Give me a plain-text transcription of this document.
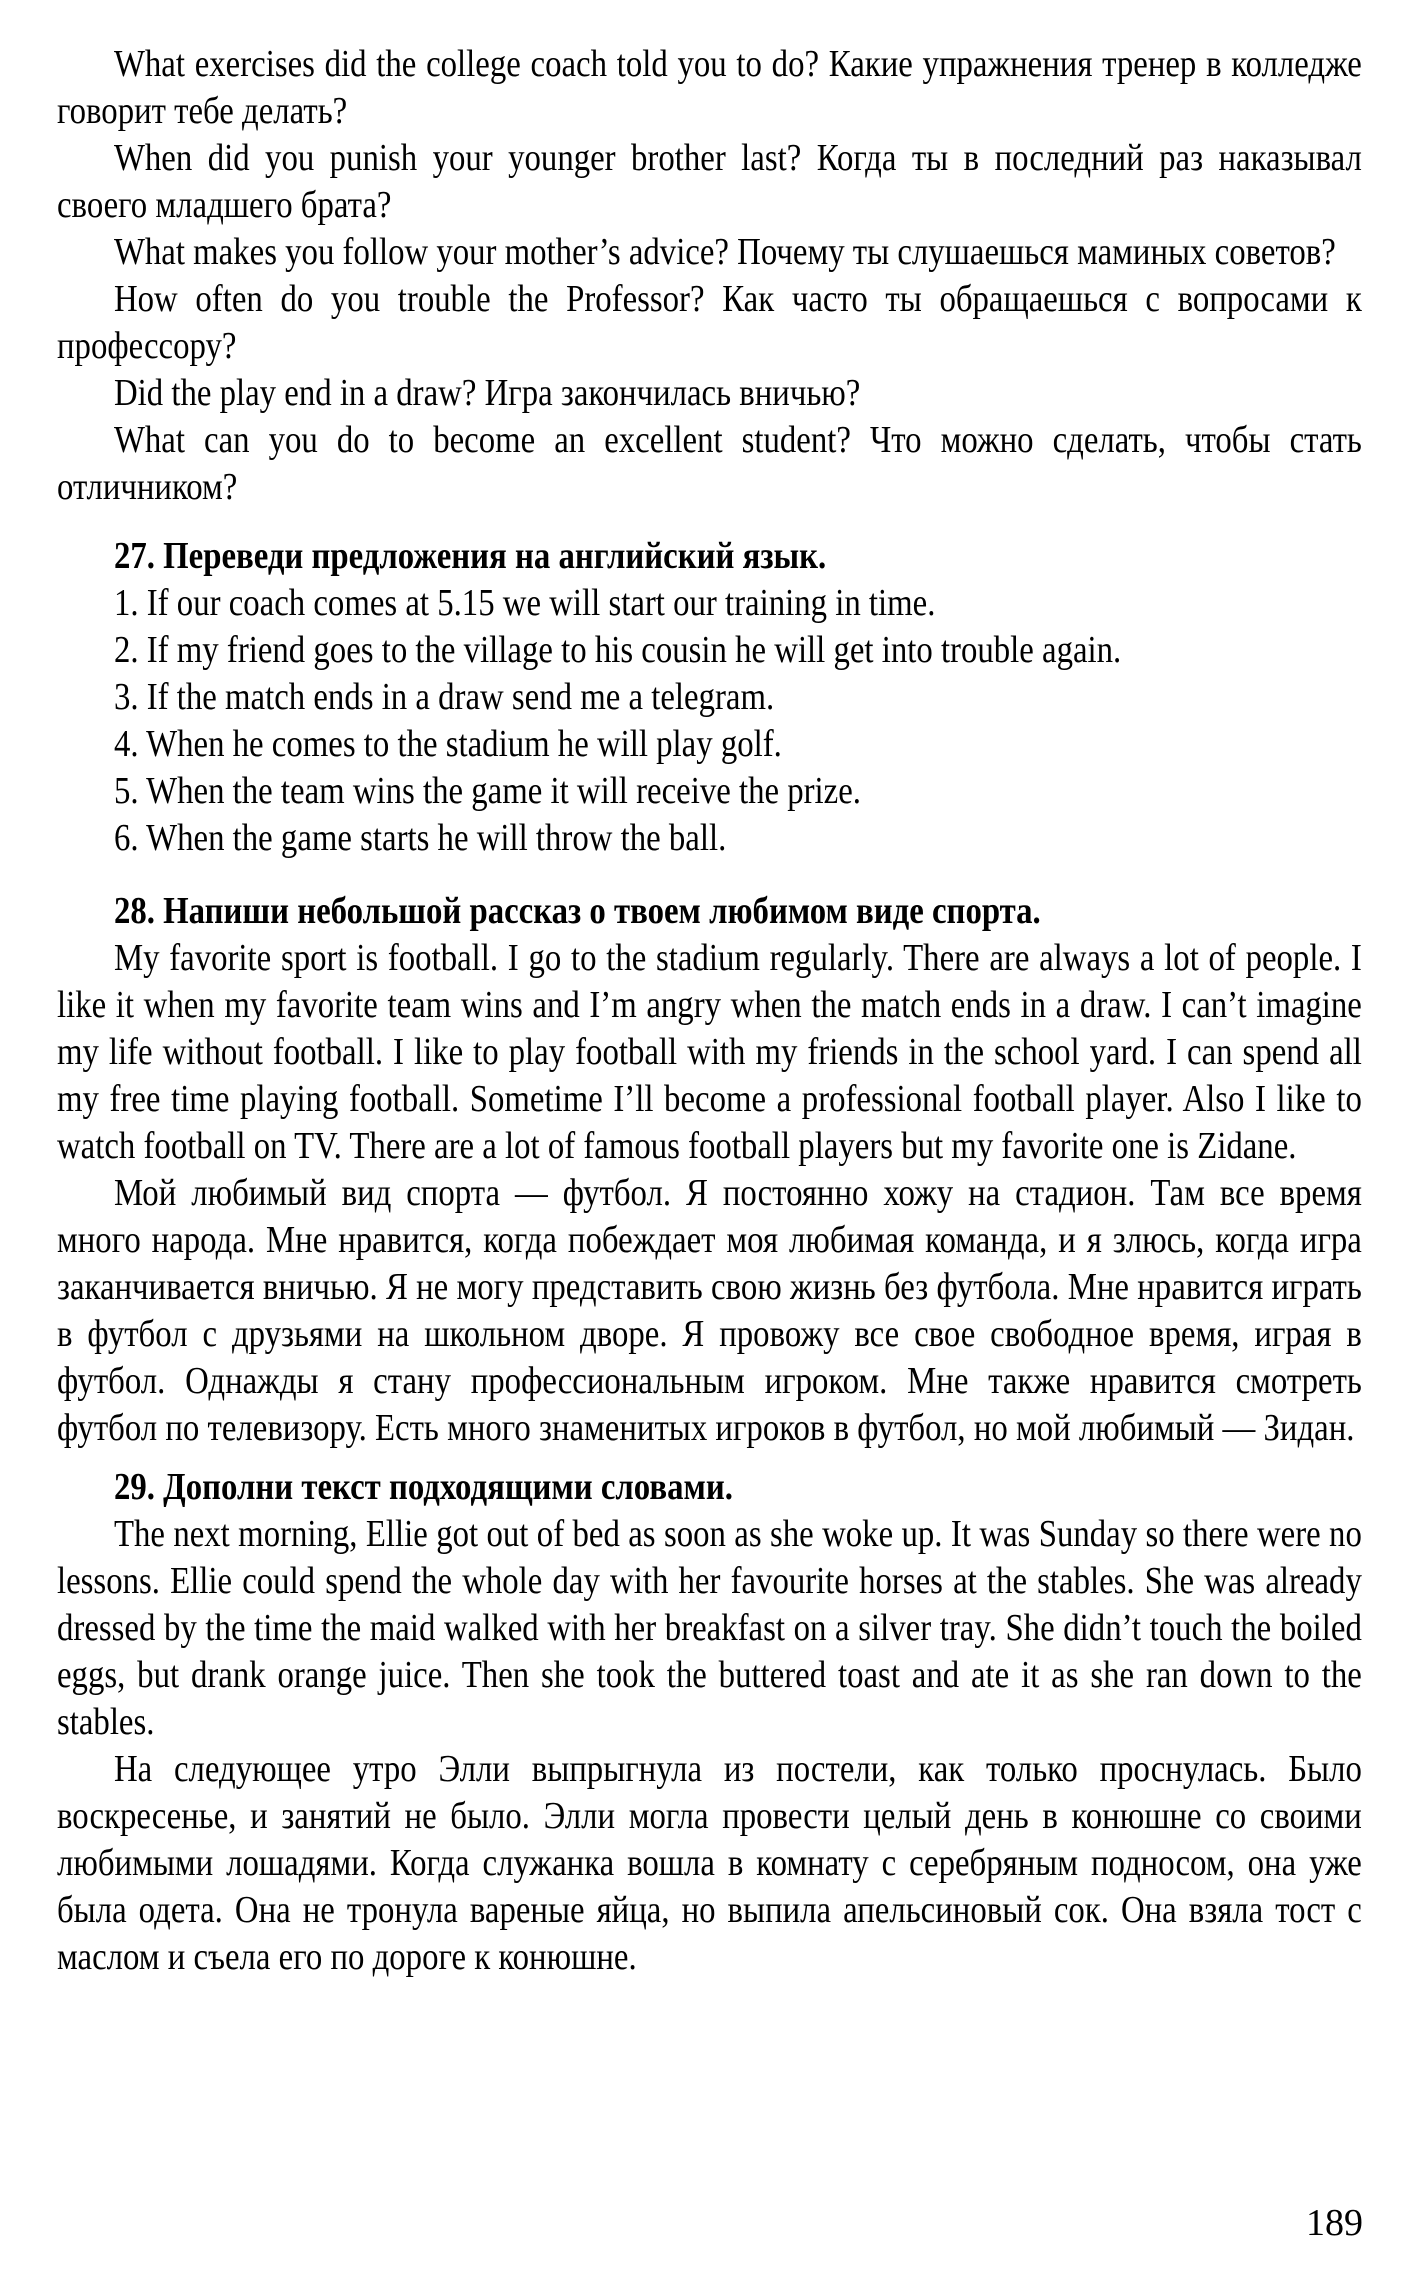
What exercises did the college coach told you to do? Какие упражнения тренер в колледже говорит тебе делать?

When did you punish your younger brother last? Когда ты в последний раз наказывал своего младшего брата?

What makes you follow your mother’s advice? Почему ты слушаешься маминых советов?

How often do you trouble the Professor? Как часто ты обращаешься с вопросами к профессору?

Did the play end in a draw? Игра закончилась вничью?

What can you do to become an excellent student? Что можно сделать, чтобы стать отличником?

27. Переведи предложения на английский язык.

1. If our coach comes at 5.15 we will start our training in time.
2. If my friend goes to the village to his cousin he will get into trouble again.
3. If the match ends in a draw send me a telegram.
4. When he comes to the stadium he will play golf.
5. When the team wins the game it will receive the prize.
6. When the game starts he will throw the ball.

28. Напиши небольшой рассказ о твоем любимом виде спорта.

My favorite sport is football. I go to the stadium regularly. There are always a lot of people. I like it when my favorite team wins and I’m angry when the match ends in a draw. I can’t imagine my life without football. I like to play football with my friends in the school yard. I can spend all my free time playing football. Sometime I’ll become a professional football player. Also I like to watch football on TV. There are a lot of famous football players but my favorite one is Zidane.

Мой любимый вид спорта — футбол. Я постоянно хожу на стадион. Там все время много народа. Мне нравится, когда побеждает моя любимая команда, и я злюсь, когда игра заканчивается вничью. Я не могу представить свою жизнь без футбола. Мне нравится играть в футбол с друзьями на школьном дворе. Я провожу все свое свободное время, играя в футбол. Однажды я стану профессиональным игроком. Мне также нравится смотреть футбол по телевизору. Есть много знаменитых игроков в футбол, но мой любимый — Зидан.

29. Дополни текст подходящими словами.

The next morning, Ellie got out of bed as soon as she woke up. It was Sunday so there were no lessons. Ellie could spend the whole day with her favourite horses at the stables. She was already dressed by the time the maid walked with her breakfast on a silver tray. She didn’t touch the boiled eggs, but drank orange juice. Then she took the buttered toast and ate it as she ran down to the stables.

На следующее утро Элли выпрыгнула из постели, как только проснулась. Было воскресенье, и занятий не было. Элли могла провести целый день в конюшне со своими любимыми лошадями. Когда служанка вошла в комнату с серебряным подносом, она уже была одета. Она не тронула вареные яйца, но выпила апельсиновый сок. Она взяла тост с маслом и съела его по дороге к конюшне.

189
